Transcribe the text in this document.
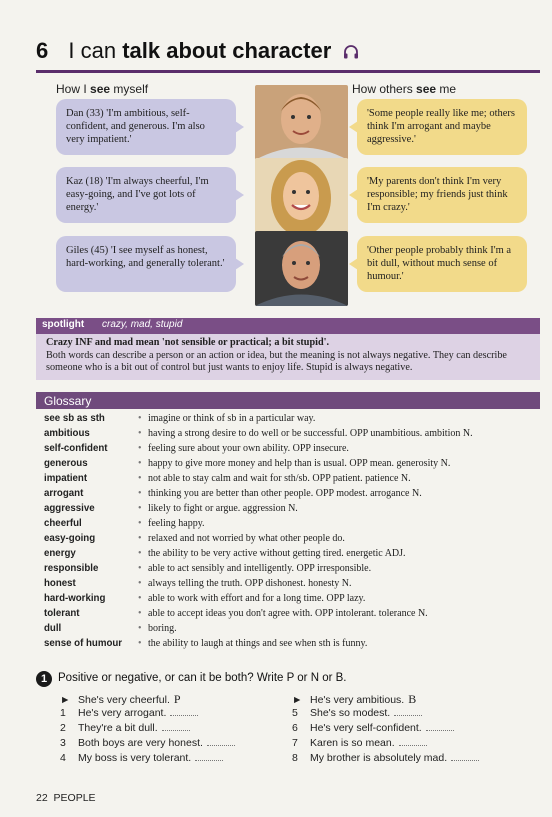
6 I can talk about character
How I see myself	How others see me
Dan (33) 'I'm ambitious, self-confident, and generous. I'm also very impatient.'
'Some people really like me; others think I'm arrogant and maybe aggressive.'
Kaz (18) 'I'm always cheerful, I'm easy-going, and I've got lots of energy.'
'My parents don't think I'm very responsible; my friends just think I'm crazy.'
Giles (45) 'I see myself as honest, hard-working, and generally tolerant.'
'Other people probably think I'm a bit dull, without much sense of humour.'
spotlight crazy, mad, stupid
Crazy INF and mad mean 'not sensible or practical; a bit stupid'.
Both words can describe a person or an action or idea, but the meaning is not always negative. They can describe someone who is a bit out of control but just wants to enjoy life. Stupid is always negative.
Glossary
see sb as sth	• imagine or think of sb in a particular way.
ambitious	• having a strong desire to do well or be successful. OPP unambitious. ambition N.
self-confident	• feeling sure about your own ability. OPP insecure.
generous	• happy to give more money and help than is usual. OPP mean. generosity N.
impatient	• not able to stay calm and wait for sth/sb. OPP patient. patience N.
arrogant	• thinking you are better than other people. OPP modest. arrogance N.
aggressive	• likely to fight or argue. aggression N.
cheerful	• feeling happy.
easy-going	• relaxed and not worried by what other people do.
energy	• the ability to be very active without getting tired. energetic ADJ.
responsible	• able to act sensibly and intelligently. OPP irresponsible.
honest	• always telling the truth. OPP dishonest. honesty N.
hard-working	• able to work with effort and for a long time. OPP lazy.
tolerant	• able to accept ideas you don't agree with. OPP intolerant. tolerance N.
dull	• boring.
sense of humour	• the ability to laugh at things and see when sth is funny.
1 Positive or negative, or can it be both? Write P or N or B.
► She's very cheerful. P	► He's very ambitious. B
1 He's very arrogant.	5 She's so modest.
2 They're a bit dull.	6 He's very self-confident.
3 Both boys are very honest.	7 Karen is so mean.
4 My boss is very tolerant.	8 My brother is absolutely mad.
22 PEOPLE
